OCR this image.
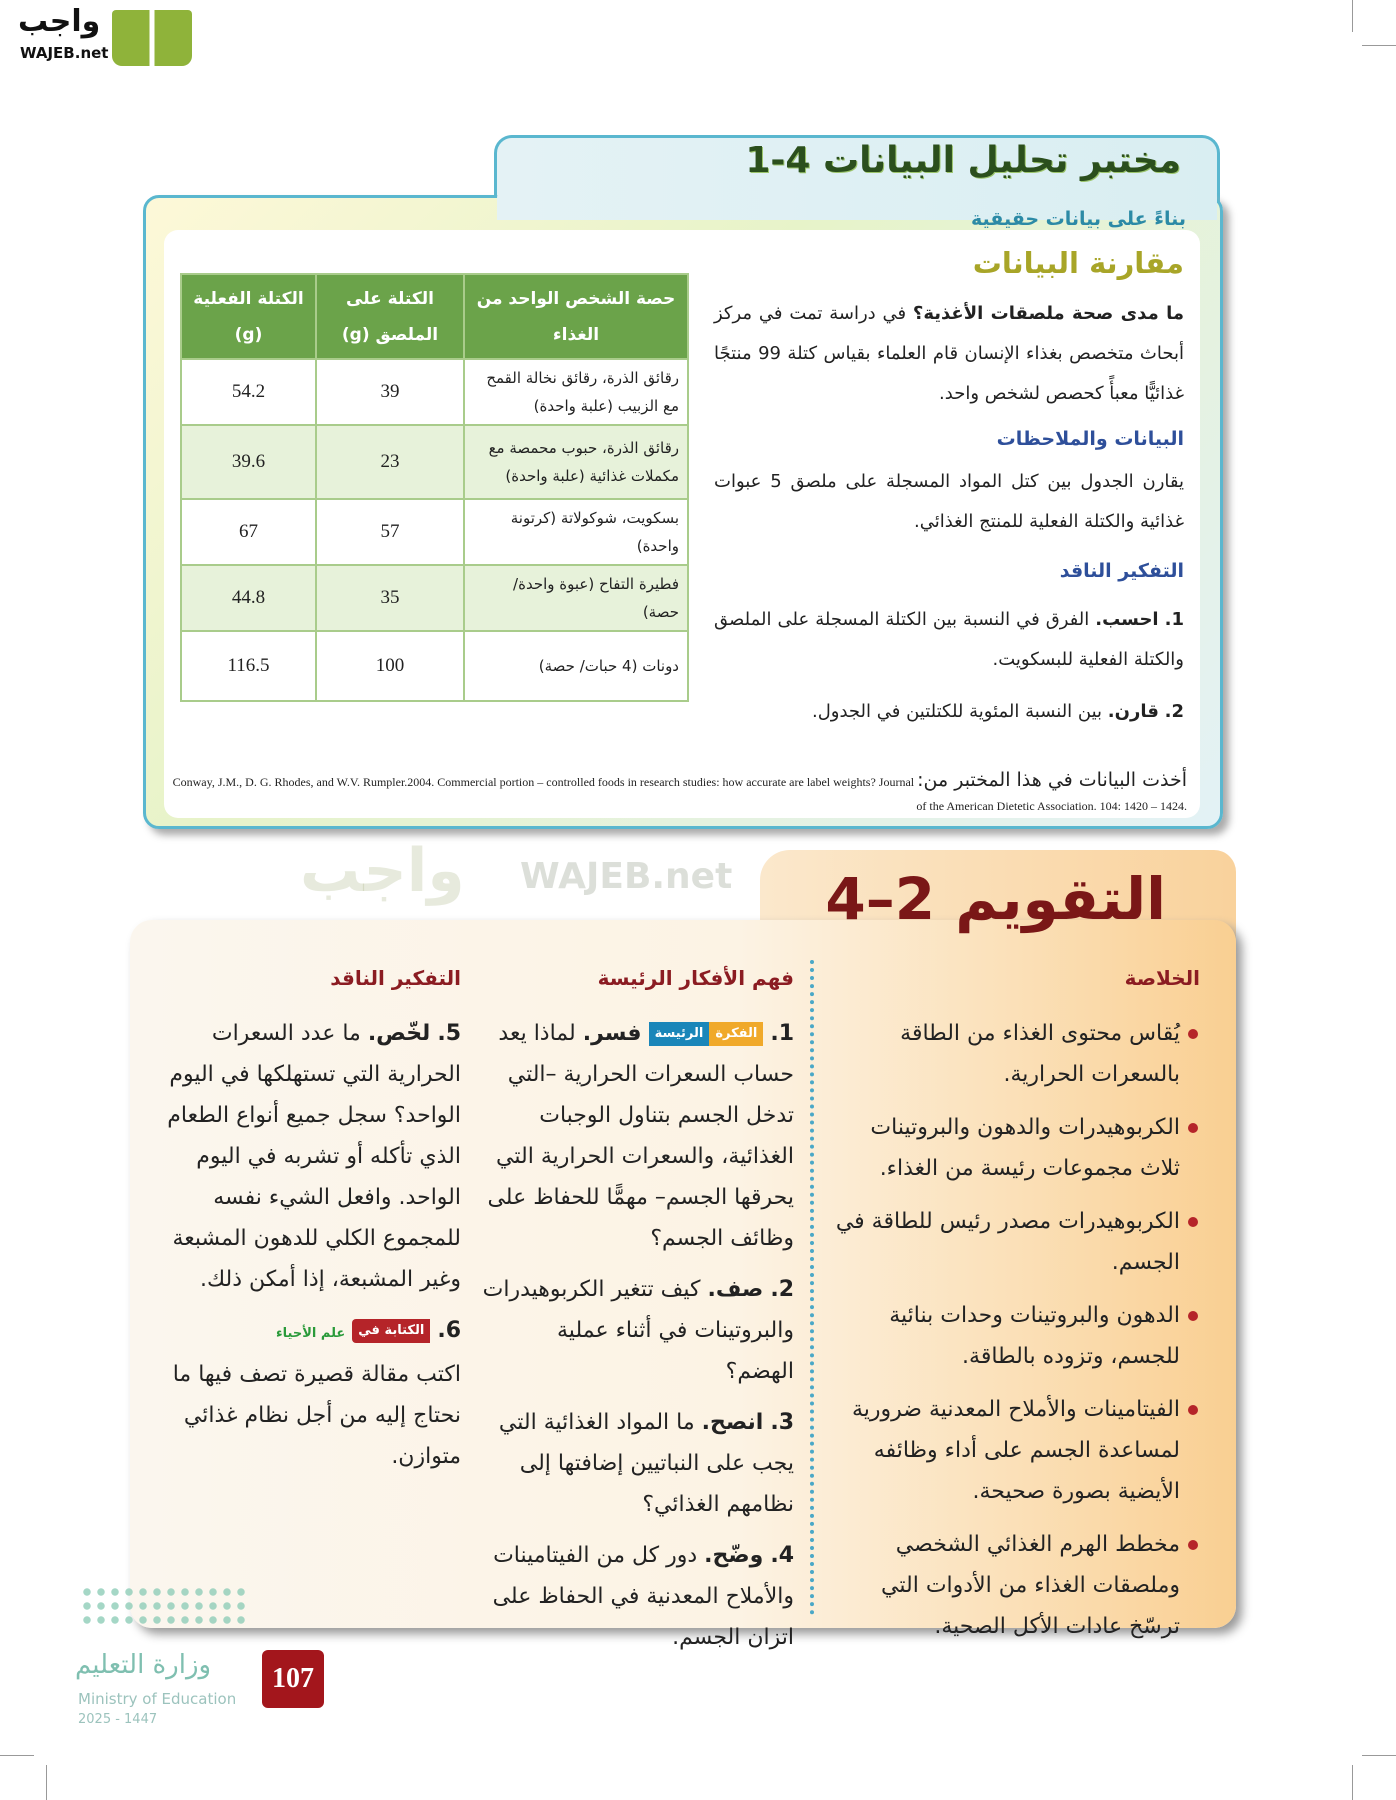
واجب
WAJEB.net
مختبر تحليل البيانات 4-1
حصة الشخص الواحد من الغذاء	الكتلة على الملصق (g)	الكتلة الفعلية (g)
رقائق الذرة، رقائق نخالة القمح مع الزبيب (علبة واحدة)	39	54.2
رقائق الذرة، حبوب محمصة مع مكملات غذائية (علبة واحدة)	23	39.6
بسكويت، شوكولاتة (كرتونة واحدة)	57	67
فطيرة التفاح (عبوة واحدة/ حصة)	35	44.8
دونات (4 حبات/ حصة)	100	116.5
بناءً على بيانات حقيقية
مقارنة البيانات
ما مدى صحة ملصقات الأغذية؟ في دراسة تمت في مركز أبحاث متخصص بغذاء الإنسان قام العلماء بقياس كتلة 99 منتجًا غذائيًّا معبأً كحصص لشخص واحد.
البيانات والملاحظات
يقارن الجدول بين كتل المواد المسجلة على ملصق 5 عبوات غذائية والكتلة الفعلية للمنتج الغذائي.
التفكير الناقد
1. احسب. الفرق في النسبة بين الكتلة المسجلة على الملصق والكتلة الفعلية للبسكويت.
2. قارن. بين النسبة المئوية للكتلتين في الجدول.
أخذت البيانات في هذا المختبر من: Conway, J.M., D. G. Rhodes, and W.V. Rumpler.2004. Commercial portion – controlled foods in research studies: how accurate are label weights? Journal of the American Dietetic Association. 104: 1420 – 1424.
التقويم 2–4
واجب WAJEB.net
الخلاصة
يُقاس محتوى الغذاء من الطاقة بالسعرات الحرارية.
الكربوهيدرات والدهون والبروتينات ثلاث مجموعات رئيسة من الغذاء.
الكربوهيدرات مصدر رئيس للطاقة في الجسم.
الدهون والبروتينات وحدات بنائية للجسم، وتزوده بالطاقة.
الفيتامينات والأملاح المعدنية ضرورية لمساعدة الجسم على أداء وظائفه الأيضية بصورة صحيحة.
مخطط الهرم الغذائي الشخصي وملصقات الغذاء من الأدوات التي ترسّخ عادات الأكل الصحية.
فهم الأفكار الرئيسة
1. الفكرةالرئيسة فسر. لماذا يعد حساب السعرات الحرارية –التي تدخل الجسم بتناول الوجبات الغذائية، والسعرات الحرارية التي يحرقها الجسم– مهمًّا للحفاظ على وظائف الجسم؟
2. صف. كيف تتغير الكربوهيدرات والبروتينات في أثناء عملية الهضم؟
3. انصح. ما المواد الغذائية التي يجب على النباتيين إضافتها إلى نظامهم الغذائي؟
4. وضّح. دور كل من الفيتامينات والأملاح المعدنية في الحفاظ على اتزان الجسم.
التفكير الناقد
5. لخّص. ما عدد السعرات الحرارية التي تستهلكها في اليوم الواحد؟ سجل جميع أنواع الطعام الذي تأكله أو تشربه في اليوم الواحد. وافعل الشيء نفسه للمجموع الكلي للدهون المشبعة وغير المشبعة، إذا أمكن ذلك.
6. الكتابة في علم الأحياء
اكتب مقالة قصيرة تصف فيها ما نحتاج إليه من أجل نظام غذائي متوازن.
وزارة التعليم
Ministry of Education
2025 - 1447
107
